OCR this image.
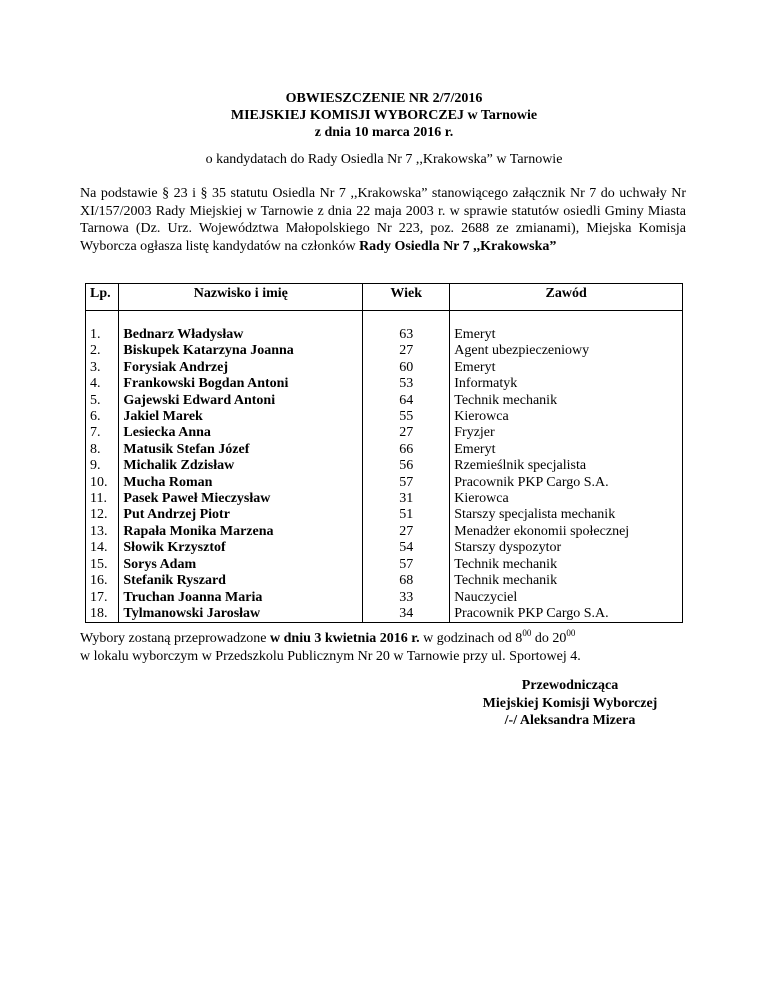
OBWIESZCZENIE NR 2/7/2016
MIEJSKIEJ KOMISJI WYBORCZEJ w Tarnowie
z dnia 10 marca 2016 r.
o kandydatach do Rady Osiedla Nr 7 ,,Krakowska” w Tarnowie
Na podstawie § 23 i § 35 statutu Osiedla Nr 7 ,,Krakowska” stanowiącego załącznik Nr 7 do uchwały Nr XI/157/2003 Rady Miejskiej w Tarnowie z dnia 22 maja 2003 r. w sprawie statutów osiedli Gminy Miasta Tarnowa (Dz. Urz. Województwa Małopolskiego Nr 223, poz. 2688 ze zmianami), Miejska Komisja Wyborcza ogłasza listę kandydatów na członków Rady Osiedla Nr 7 ,,Krakowska”
Lp.	Nazwisko i imię	Wiek	Zawód

1.	Bednarz Władysław	63	Emeryt
2.	Biskupek Katarzyna Joanna	27	Agent ubezpieczeniowy
3.	Forysiak Andrzej	60	Emeryt
4.	Frankowski Bogdan Antoni	53	Informatyk
5.	Gajewski Edward Antoni	64	Technik mechanik
6.	Jakiel Marek	55	Kierowca
7.	Lesiecka Anna	27	Fryzjer
8.	Matusik Stefan Józef	66	Emeryt
9.	Michalik Zdzisław	56	Rzemieślnik specjalista
10.	Mucha Roman	57	Pracownik PKP Cargo S.A.
11.	Pasek Paweł Mieczysław	31	Kierowca
12.	Put Andrzej Piotr	51	Starszy specjalista mechanik
13.	Rapała Monika Marzena	27	Menadżer ekonomii społecznej
14.	Słowik Krzysztof	54	Starszy dyspozytor
15.	Sorys Adam	57	Technik mechanik
16.	Stefanik Ryszard	68	Technik mechanik
17.	Truchan Joanna Maria	33	Nauczyciel
18.	Tylmanowski Jarosław	34	Pracownik PKP Cargo S.A.
Wybory zostaną przeprowadzone w dniu 3 kwietnia 2016 r. w godzinach od $8^{00}$ do $20^{00}$
w lokalu wyborczym w Przedszkolu Publicznym Nr 20 w Tarnowie przy ul. Sportowej 4.
Przewodnicząca
Miejskiej Komisji Wyborczej
/-/ Aleksandra Mizera
